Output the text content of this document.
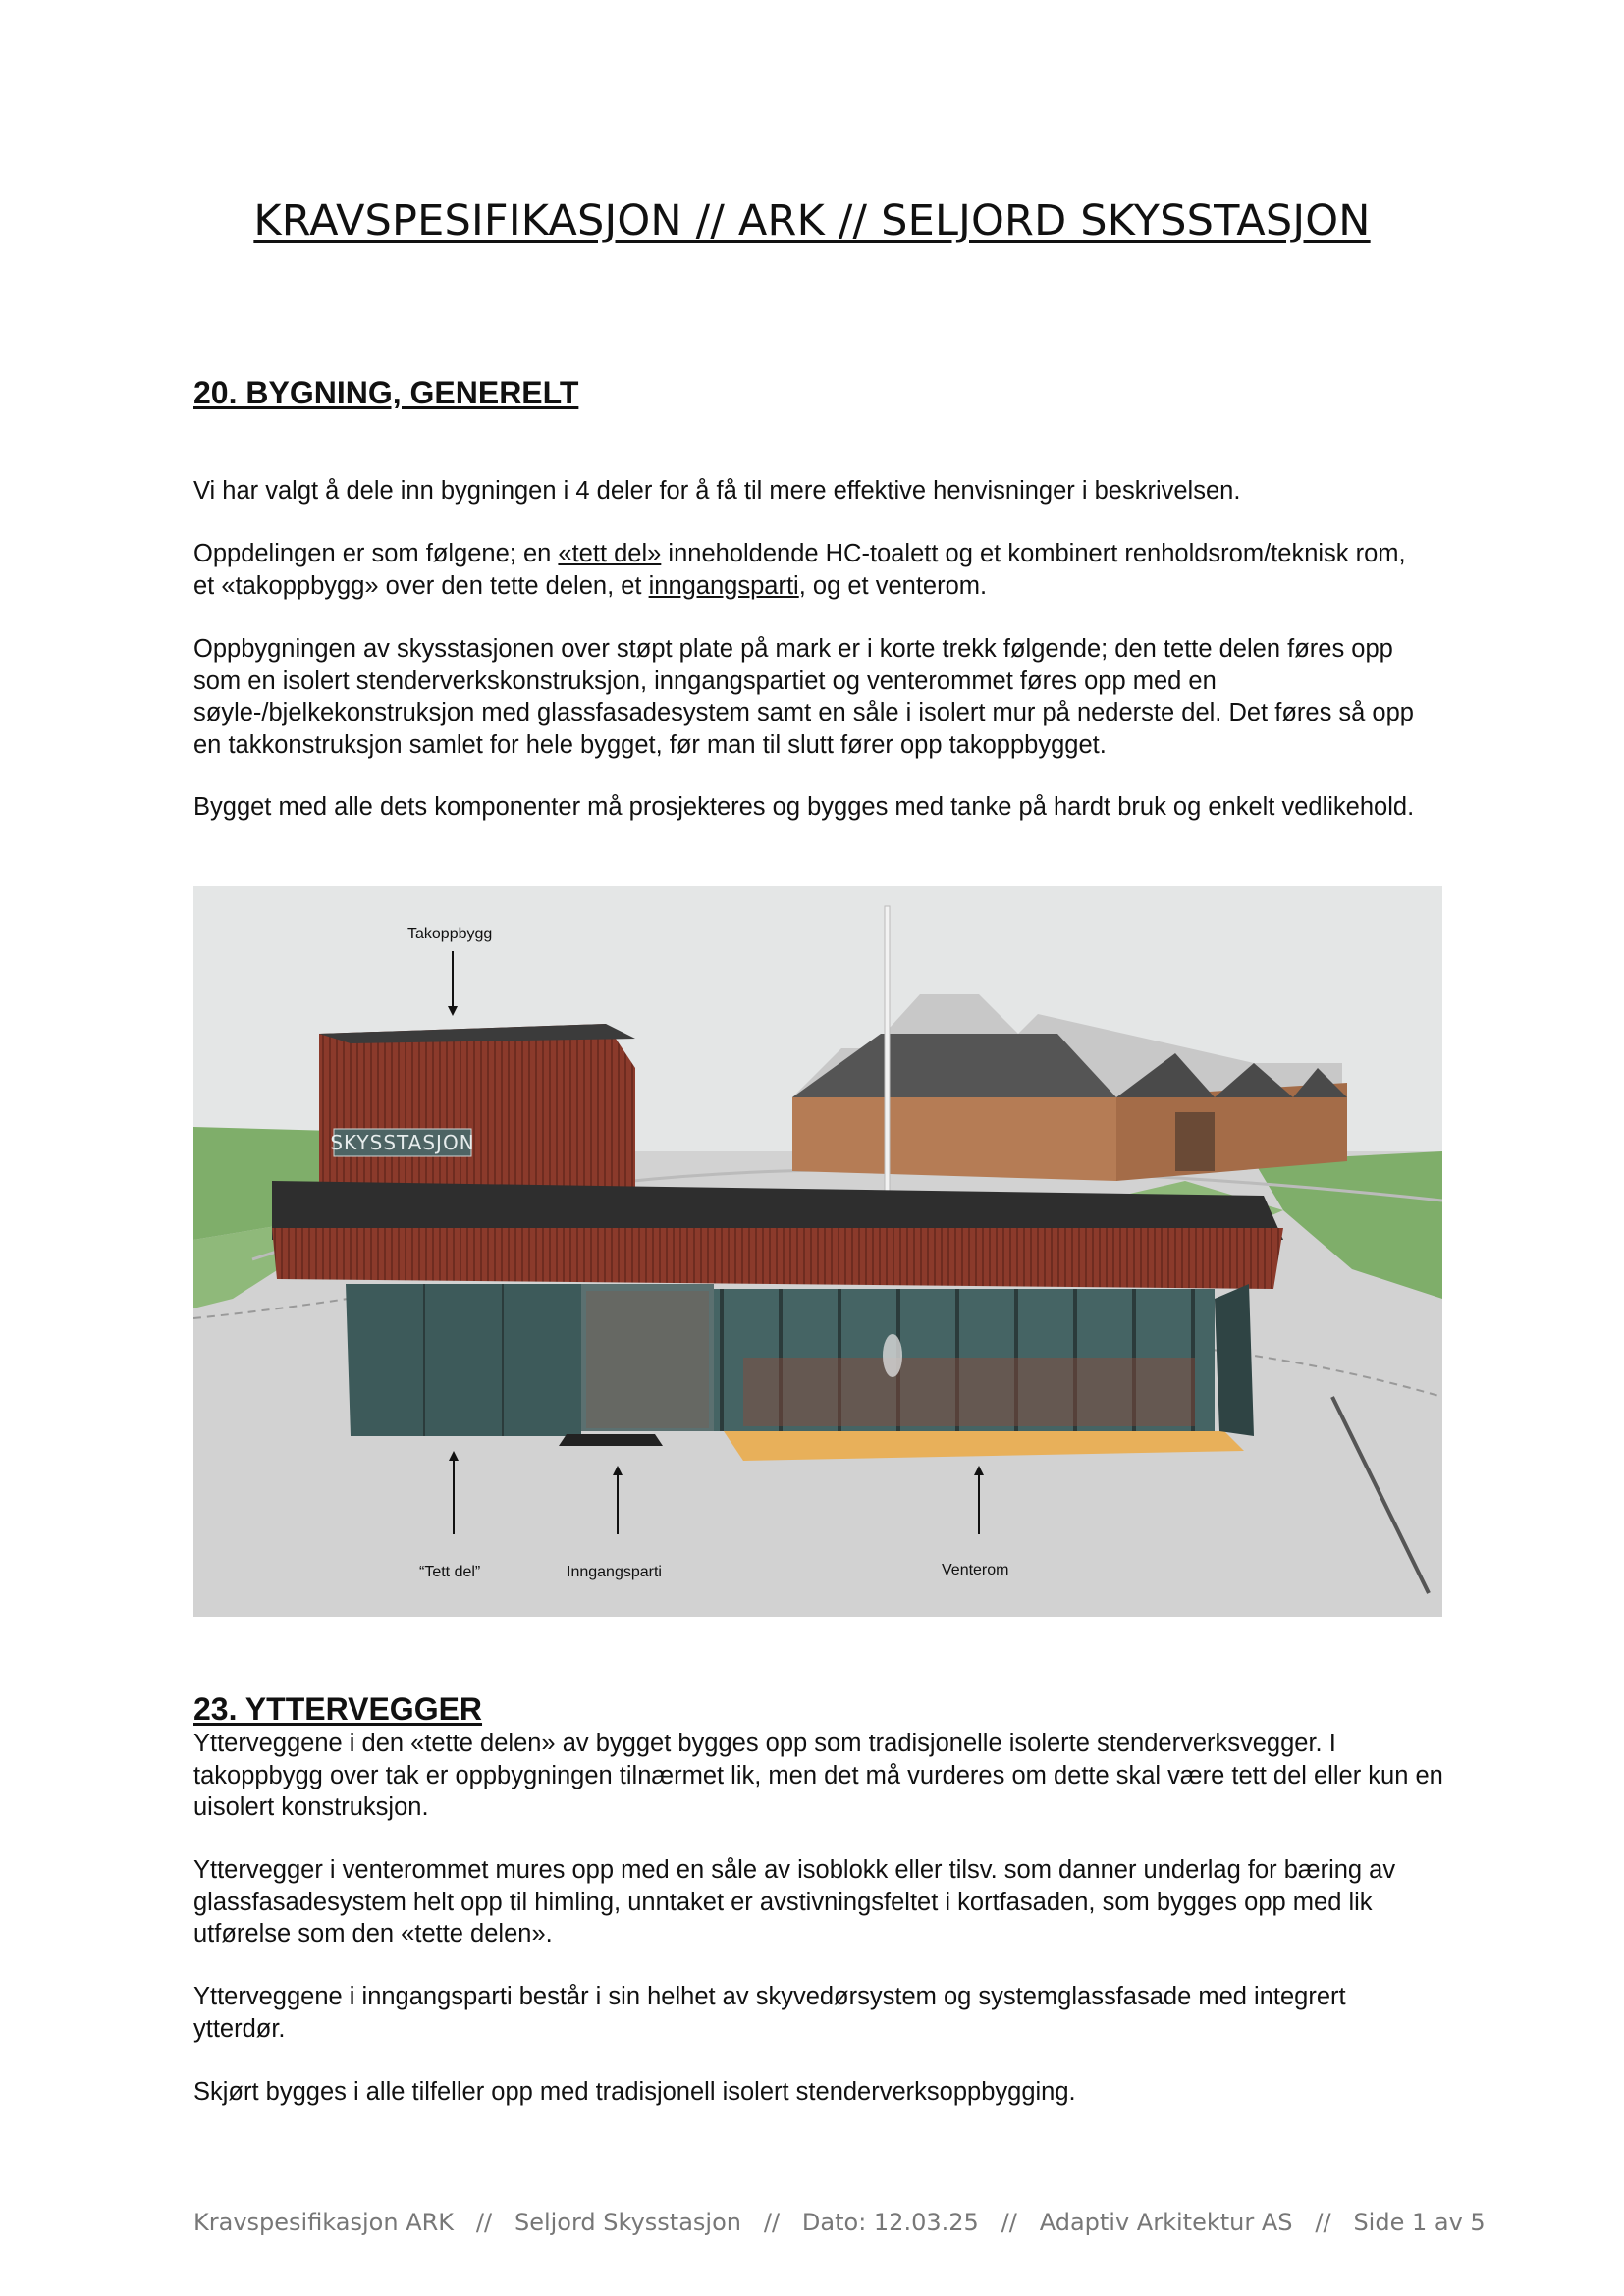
KRAVSPESIFIKASJON // ARK // SELJORD SKYSSTASJON
20. BYGNING, GENERELT

Vi har valgt å dele inn bygningen i 4 deler for å få til mere effektive henvisninger i beskrivelsen.

Oppdelingen er som følgene; en «tett del» inneholdende HC-toalett og et kombinert renholdsrom/teknisk rom, et «takoppbygg» over den tette delen, et inngangsparti, og et venterom.

Oppbygningen av skysstasjonen over støpt plate på mark er i korte trekk følgende; den tette delen føres opp som en isolert stenderverkskonstruksjon, inngangspartiet og venterommet føres opp med en søyle-/bjelkekonstruksjon med glassfasadesystem samt en såle i isolert mur på nederste del. Det føres så opp en takkonstruksjon samlet for hele bygget, før man til slutt fører opp takoppbygget.

Bygget med alle dets komponenter må prosjekteres og bygges med tanke på hardt bruk og enkelt vedlikehold.

SKYSSTASJON
Takoppbygg
“Tett del”	Inngangsparti	Venterom
23. YTTERVEGGER

Ytterveggene i den «tette delen» av bygget bygges opp som tradisjonelle isolerte stenderverksvegger. I takoppbygg over tak er oppbygningen tilnærmet lik, men det må vurderes om dette skal være tett del eller kun en uisolert konstruksjon.

Yttervegger i venterommet mures opp med en såle av isoblokk eller tilsv. som danner underlag for bæring av glassfasadesystem helt opp til himling, unntaket er avstivningsfeltet i kortfasaden, som bygges opp med lik utførelse som den «tette delen».

Ytterveggene i inngangsparti består i sin helhet av skyvedørsystem og systemglassfasade med integrert ytterdør.

Skjørt bygges i alle tilfeller opp med tradisjonell isolert stenderverksoppbygging.

Kravspesifikasjon ARK   //   Seljord Skysstasjon   //   Dato: 12.03.25   //   Adaptiv Arkitektur AS   //   Side 1 av 5
